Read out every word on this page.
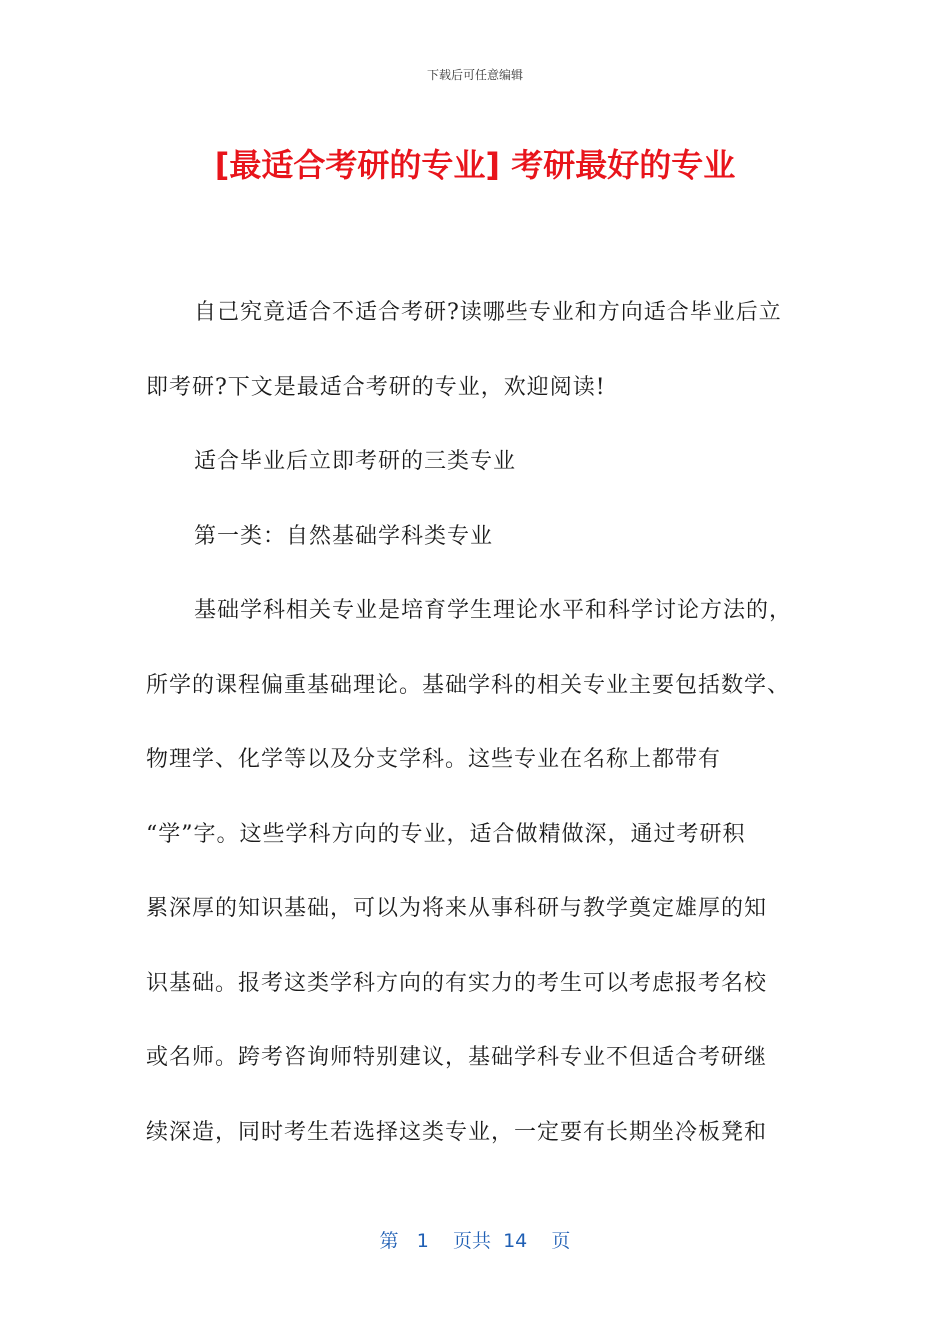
下载后可任意编辑
[最适合考研的专业] 考研最好的专业
自己究竟适合不适合考研?读哪些专业和方向适合毕业后立
即考研?下文是最适合考研的专业，欢迎阅读!
适合毕业后立即考研的三类专业
第一类：自然基础学科类专业
基础学科相关专业是培育学生理论水平和科学讨论方法的，
所学的课程偏重基础理论。基础学科的相关专业主要包括数学、
物理学、化学等以及分支学科。这些专业在名称上都带有
“学”字。这些学科方向的专业，适合做精做深，通过考研积
累深厚的知识基础，可以为将来从事科研与教学奠定雄厚的知
识基础。报考这类学科方向的有实力的考生可以考虑报考名校
或名师。跨考咨询师特别建议，基础学科专业不但适合考研继
续深造，同时考生若选择这类专业，一定要有长期坐冷板凳和
第 1 页共 14 页
